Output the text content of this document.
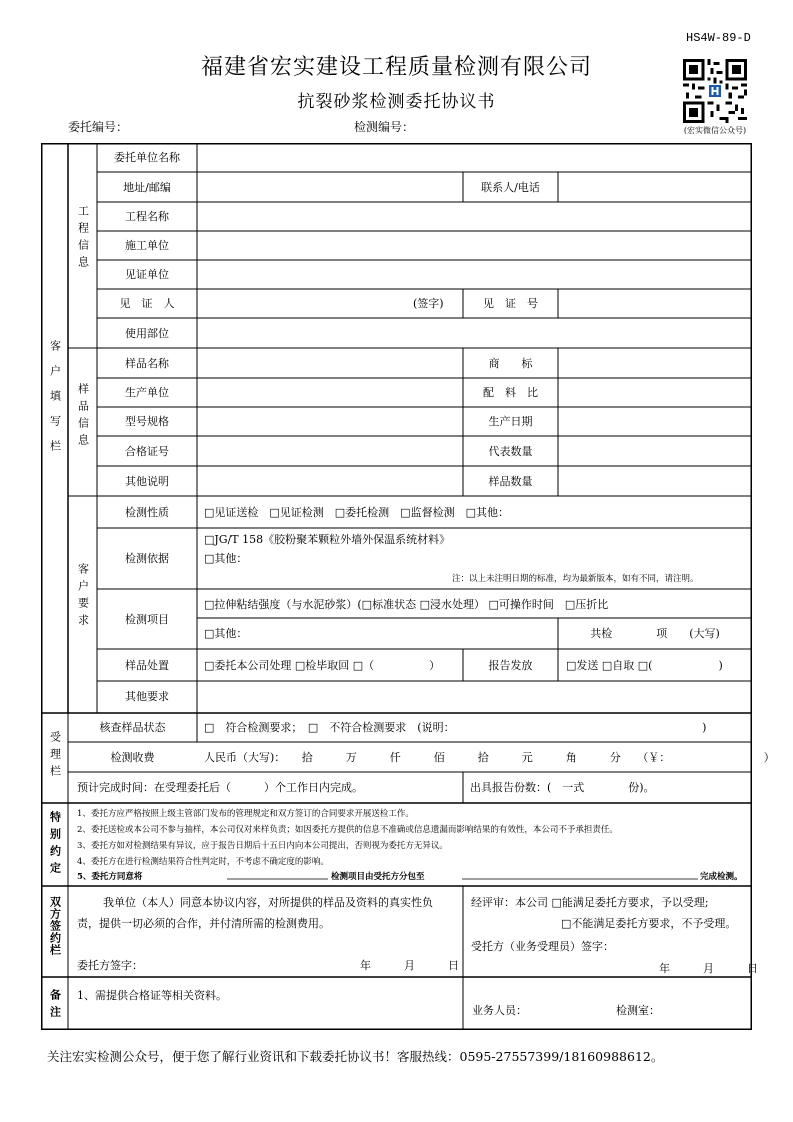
HS4W-89-D
福建省宏实建设工程质量检测有限公司
抗裂砂浆检测委托协议书
(宏实微信公众号)
委托编号：	检测编号：
客户填写栏
工程信息
样品信息
客户要求
受理栏
特别约定
双方签约栏
备注
委托单位名称
地址/邮编	联系人/电话
工程名称
施工单位
见证单位
见　证　人	(签字)	见　证　号
使用部位
样品名称	商　　标
生产单位	配　料　比
型号规格	生产日期
合格证号	代表数量
其他说明	样品数量
检测性质	□见证送检　□见证检测　□委托检测　□监督检测　□其他：
检测依据
□JG/T 158《胶粉聚苯颗粒外墙外保温系统材料》
□其他：
注：以上未注明日期的标准，均为最新版本，如有不同，请注明。
检测项目
□拉伸粘结强度（与水泥砂浆）(□标准状态 □浸水处理） □可操作时间　□压折比
□其他：	共检　　　　项　　(大写)
样品处置	□委托本公司处理 □检毕取回 □（　　　　　）	报告发放	□发送 □自取 □(　　　　　　)
其他要求
核查样品状态	□　符合检测要求；　□　不符合检测要求　(说明：　　　　　　　　　　　　　　　　　　　　　　　)
检测收费	人民币（大写)：　　拾　　　万　　　仟　　　佰　　　拾　　　元　　　角　　　分　　（￥：　　　　　　　　　）
预计完成时间：在受理委托后（　　　）个工作日内完成。	出具报告份数：(　一式　　　　份)。
1、委托方应严格按照上级主管部门发布的管理规定和双方签订的合同要求开展送检工作。
2、委托送检或本公司不参与抽样，本公司仅对来样负责；如因委托方提供的信息不准确或信息遗漏而影响结果的有效性，本公司不予承担责任。
3、委托方如对检测结果有异议，应于报告日期后十五日内向本公司提出，否则视为委托方无异议。
4、委托方在进行检测结果符合性判定时，不考虑不确定度的影响。
5、委托方同意将	检测项目由受托方分包至	完成检测。
我单位（本人）同意本协议内容，对所提供的样品及资料的真实性负
责，提供一切必须的合作，并付清所需的检测费用。
委托方签字：	年　　　月　　　日
经评审：本公司 □能满足委托方要求，予以受理;
□不能满足委托方要求，不予受理。
受托方（业务受理员）签字：
年　　　月　　　日
1、需提供合格证等相关资料。
业务人员：	检测室：
关注宏实检测公众号，便于您了解行业资讯和下载委托协议书！客服热线：0595-27557399/18160988612。
